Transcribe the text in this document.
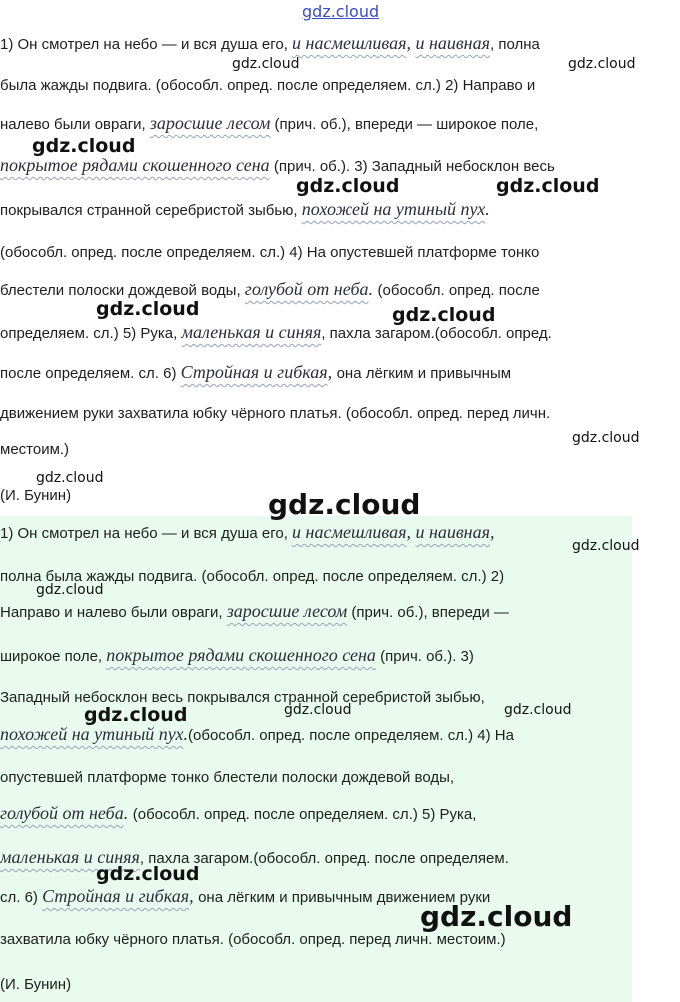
gdz.cloud
1) Он смотрел на небо — и вся душа его, и насмешливая, и наивная, полна
была жажды подвига. (обособл. опред. после определяем. сл.) 2) Направо и
налево были овраги, заросшие лесом (прич. об.), впереди — широкое поле,
покрытое рядами скошенного сена (прич. об.). 3) Западный небосклон весь
покрывался странной серебристой зыбью, похожей на утиный пух.
(обособл. опред. после определяем. сл.) 4) На опустевшей платформе тонко
блестели полоски дождевой воды, голубой от неба. (обособл. опред. после
определяем. сл.) 5) Рука, маленькая и синяя, пахла загаром.(обособл. опред.
после определяем. сл. 6) Стройная и гибкая, она лёгким и привычным
движением руки захватила юбку чёрного платья. (обособл. опред. перед личн.
местоим.)
(И. Бунин)
1) Он смотрел на небо — и вся душа его, и насмешливая, и наивная,
полна была жажды подвига. (обособл. опред. после определяем. сл.) 2)
Направо и налево были овраги, заросшие лесом (прич. об.), впереди —
широкое поле, покрытое рядами скошенного сена (прич. об.). 3)
Западный небосклон весь покрывался странной серебристой зыбью,
похожей на утиный пух.(обособл. опред. после определяем. сл.) 4) На
опустевшей платформе тонко блестели полоски дождевой воды,
голубой от неба. (обособл. опред. после определяем. сл.) 5) Рука,
маленькая и синяя, пахла загаром.(обособл. опред. после определяем.
сл. 6) Стройная и гибкая, она лёгким и привычным движением руки
захватила юбку чёрного платья. (обособл. опред. перед личн. местоим.)
(И. Бунин)
gdz.cloud	gdz.cloud
gdz.cloud
gdz.cloud	gdz.cloud
gdz.cloud	gdz.cloud
gdz.cloud
gdz.cloud
gdz.cloud
gdz.cloud
gdz.cloud
gdz.cloud	gdz.cloud	gdz.cloud
gdz.cloud
gdz.cloud
